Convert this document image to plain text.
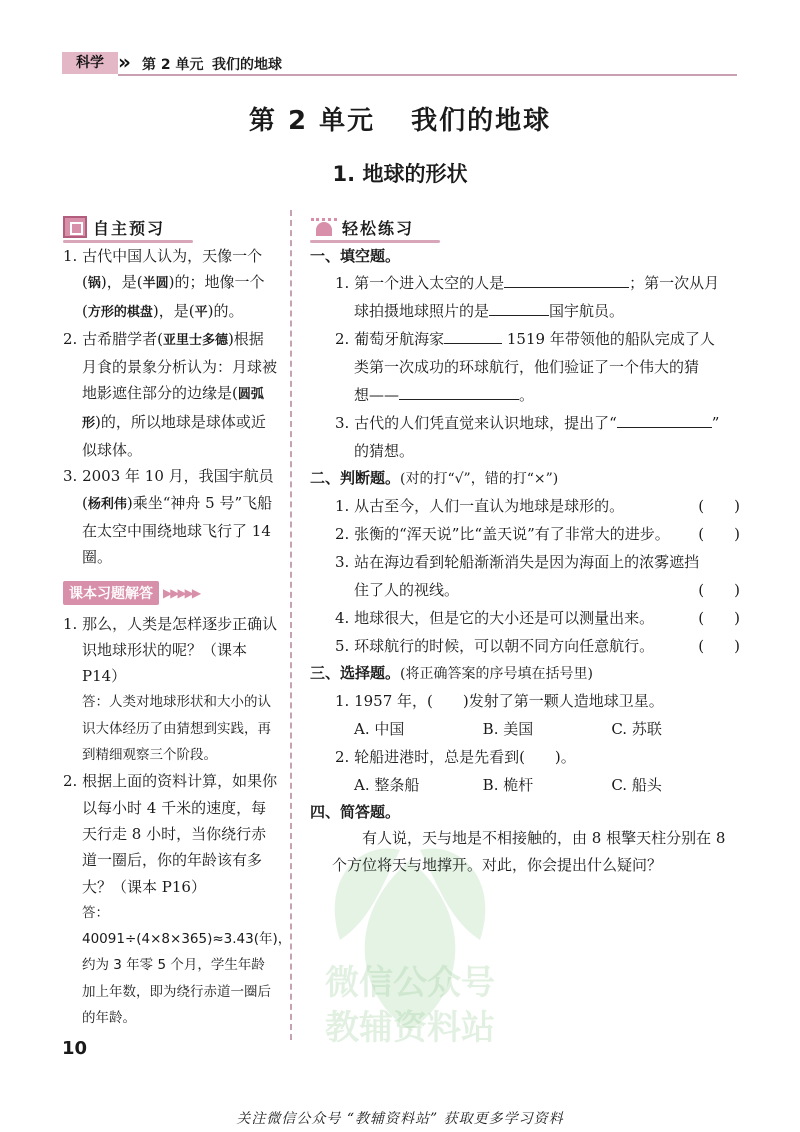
科学 » 第 2 单元 我们的地球
第 2 单元 我们的地球
1. 地球的形状
微信公众号
教辅资料站
自主预习

1. 古代中国人认为，天像一个(锅)，是(半圆)的；地像一个(方形的棋盘)，是(平)的。

2. 古希腊学者(亚里士多德)根据月食的景象分析认为：月球被地影遮住部分的边缘是(圆弧形)的，所以地球是球体或近似球体。

3. 2003 年 10 月，我国宇航员(杨利伟)乘坐“神舟 5 号”飞船在太空中围绕地球飞行了 14 圈。

课本习题解答 ▶▶▶▶▶

1. 那么，人类是怎样逐步正确认识地球形状的呢？（课本 P14）

答：人类对地球形状和大小的认识大体经历了由猜想到实践，再到精细观察三个阶段。

2. 根据上面的资料计算，如果你以每小时 4 千米的速度，每天行走 8 小时，当你绕行赤道一圈后，你的年龄该有多大？（课本 P16）

答：40091÷(4×8×365)≈3.43(年)，约为 3 年零 5 个月，学生年龄加上年数，即为绕行赤道一圈后的年龄。

轻松练习

一、填空题。

1. 第一个进入太空的人是	；第一次从月

球拍摄地球照片的是	国宇航员。

2. 葡萄牙航海家	1519 年带领他的船队完成了人

类第一次成功的环球航行，他们验证了一个伟大的猜

想——	。

3. 古代的人们凭直觉来认识地球，提出了“	”

的猜想。

二、判断题。(对的打“√”，错的打“×”)

1. 从古至今，人们一直认为地球是球形的。	(　　)
2. 张衡的“浑天说”比“盖天说”有了非常大的进步。 (　　)
3. 站在海边看到轮船渐渐消失是因为海面上的浓雾遮挡
住了人的视线。	(　　)
4. 地球很大，但是它的大小还是可以测量出来。	(　　)
5. 环球航行的时候，可以朝不同方向任意航行。	(　　)

三、选择题。(将正确答案的序号填在括号里)

1. 1957 年，(　　)发射了第一颗人造地球卫星。

A. 中国	B. 美国	C. 苏联

2. 轮船进港时，总是先看到(　　)。

A. 整条船	B. 桅杆	C. 船头

四、简答题。

有人说，天与地是不相接触的，由 8 根擎天柱分别在 8 个方位将天与地撑开。对此，你会提出什么疑问？

10
关注微信公众号 “教辅资料站” 获取更多学习资料
